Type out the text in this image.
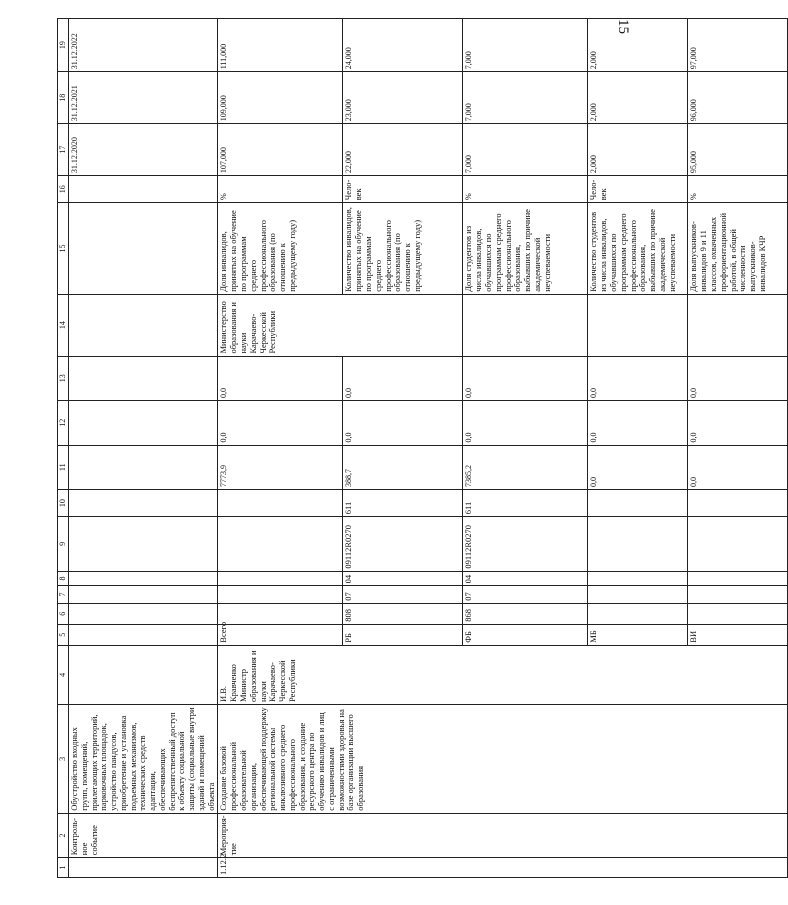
15
1	2	3	4	5	6	7	8	9	10	11	12	13	14	15	16	17	18	19
	Контроль-ное событие	Обустройство входных групп, помещений, прилегающих территорий, парковочных площадок, устройство пандусов, приобретение и установка подъемных механизмов, технических средств адаптации, обеспечивающих беспрепятственный доступ к объекту социальной защиты (социальные внутри зданий и помещений объекта														31.12.2020	31.12.2021	31.12.2022
1.12.2	Мероприя-тие	Создание базовой профессиональной образовательной организации, обеспечивающей поддержку региональной системы инклюзивного среднего профессионального образования, и создание ресурсного центра по обучению инвалидов и лиц с ограниченными возможностями здоровья на базе организации высшего образования	И.В. Кравченко Министр образования и науки Карачаево-Черкесской Республики	Всего						7773,9	0,0	0,0	Министерство образования и науки Карачаево-Черкесской Республики	Доля инвалидов, принятых на обучение по программам среднего профессионального образования (по отношению к предыдущему году)	%	107,000	109,000	111,000
				РБ	808	07	04	09112R0270	611	388,7	0,0	0,0		Количество инвалидов, принятых на обучение по программам среднего профессионального образования (по отношению к предыдущему году)	Чело-век	22,000	23,000	24,000
				ФБ	868	07	04	09112R0270	611	7385,2	0,0	0,0		Доля студентов из числа инвалидов, обучавшихся по программам среднего профессионального образования, выбывших по причине академической неуспеваемости	%	7,000	7,000	7,000
				МБ						0,0	0,0	0,0		Количество студентов из числа инвалидов, обучавшихся по программам среднего профессионального образования, выбывших по причине академической неуспеваемости	Чело-век	2,000	2,000	2,000
				ВИ						0,0	0,0	0,0		Доля выпускников-инвалидов 9 и 11 классов, охваченных профориентационной работой, в общей численности выпускников-инвалидов КЧР	%	95,000	96,000	97,000
